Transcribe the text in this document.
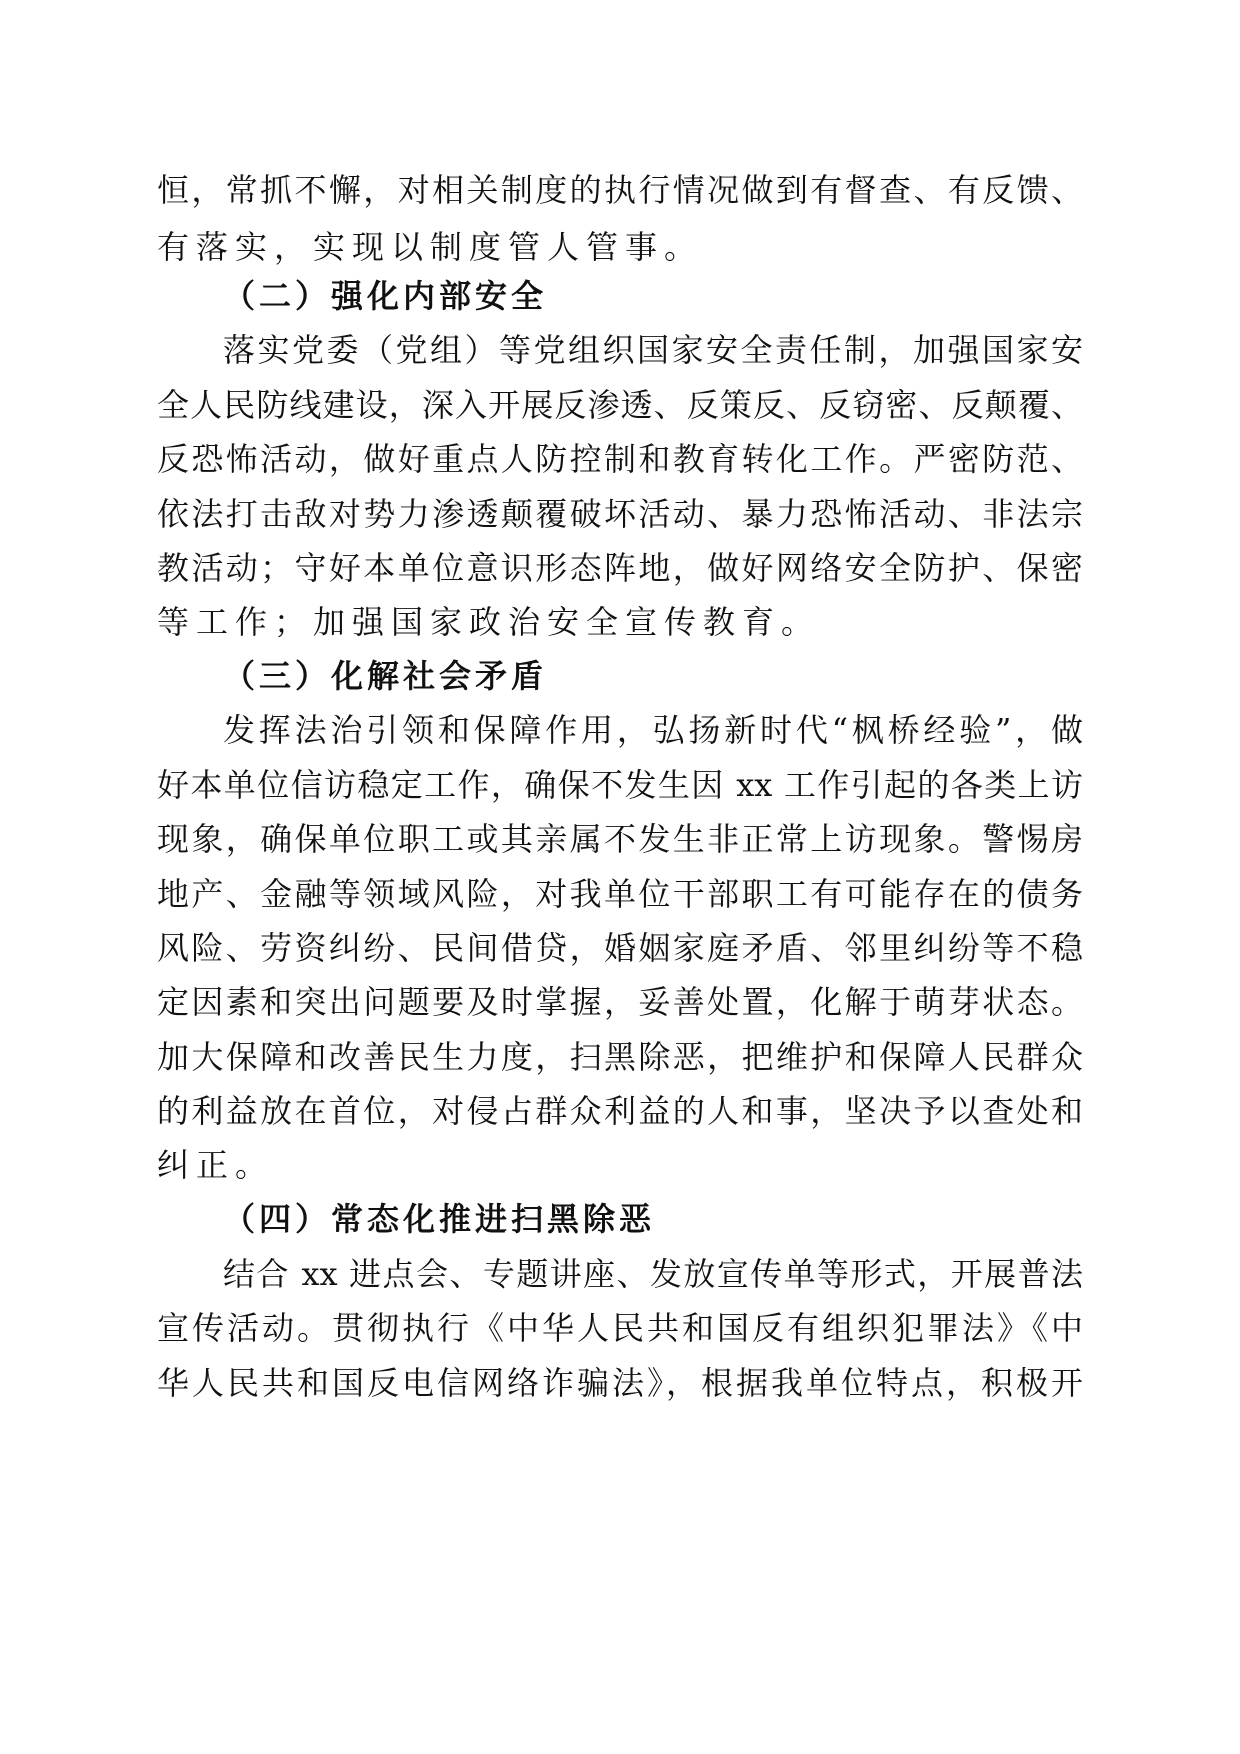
恒，常抓不懈，对相关制度的执行情况做到有督查、有反馈、
有落实，实现以制度管人管事。
（二）强化内部安全
落实党委（党组）等党组织国家安全责任制，加强国家安
全人民防线建设，深入开展反渗透、反策反、反窃密、反颠覆、
反恐怖活动，做好重点人防控制和教育转化工作。严密防范、
依法打击敌对势力渗透颠覆破坏活动、暴力恐怖活动、非法宗
教活动；守好本单位意识形态阵地，做好网络安全防护、保密
等工作；加强国家政治安全宣传教育。
（三）化解社会矛盾
发挥法治引领和保障作用，弘扬新时代“枫桥经验”，做
好本单位信访稳定工作，确保不发生因 xx 工作引起的各类上访
现象，确保单位职工或其亲属不发生非正常上访现象。警惕房
地产、金融等领域风险，对我单位干部职工有可能存在的债务
风险、劳资纠纷、民间借贷，婚姻家庭矛盾、邻里纠纷等不稳
定因素和突出问题要及时掌握，妥善处置，化解于萌芽状态。
加大保障和改善民生力度，扫黑除恶，把维护和保障人民群众
的利益放在首位，对侵占群众利益的人和事，坚决予以查处和
纠正。
（四）常态化推进扫黑除恶
结合 xx 进点会、专题讲座、发放宣传单等形式，开展普法
宣传活动。贯彻执行《中华人民共和国反有组织犯罪法》《中
华人民共和国反电信网络诈骗法》，根据我单位特点，积极开
